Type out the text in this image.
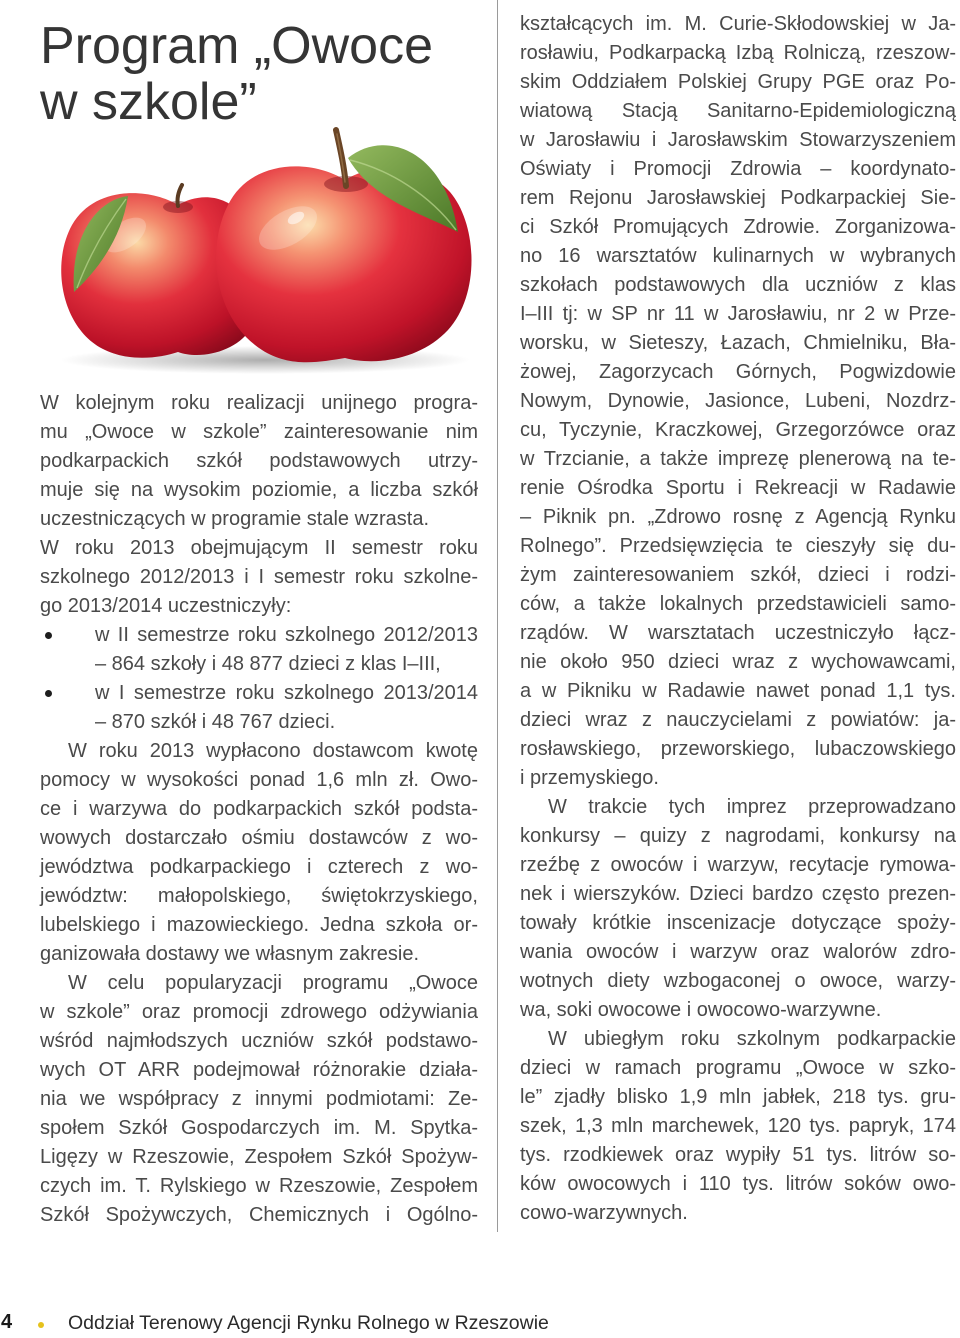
Program „Owoce
w szkole”
W kolejnym roku realizacji unijnego progra-
mu „Owoce w szkole” zainteresowanie nim
podkarpackich szkół podstawowych utrzy-
muje się na wysokim poziomie, a liczba szkół
uczestniczących w programie stale wzrasta.
W roku 2013 obejmującym II semestr roku
szkolnego 2012/2013 i I semestr roku szkolne-
go 2013/2014 uczestniczyły:
w II semestrze roku szkolnego 2012/2013
– 864 szkoły i 48 877 dzieci z klas I–III,
w I semestrze roku szkolnego 2013/2014
– 870 szkół i 48 767 dzieci.
W roku 2013 wypłacono dostawcom kwotę
pomocy w wysokości ponad 1,6 mln zł. Owo-
ce i warzywa do podkarpackich szkół podsta-
wowych dostarczało ośmiu dostawców z wo-
jewództwa podkarpackiego i czterech z wo-
jewództw: małopolskiego, świętokrzyskiego,
lubelskiego i mazowieckiego. Jedna szkoła or-
ganizowała dostawy we własnym zakresie.
W celu popularyzacji programu „Owoce
w szkole” oraz promocji zdrowego odżywiania
wśród najmłodszych uczniów szkół podstawo-
wych OT ARR podejmował różnorakie działa-
nia we współpracy z innymi podmiotami: Ze-
społem Szkół Gospodarczych im. M. Spytka-
Ligęzy w Rzeszowie, Zespołem Szkół Spożyw-
czych im. T. Rylskiego w Rzeszowie, Zespołem
Szkół Spożywczych, Chemicznych i Ogólno-
kształcących im. M. Curie-Skłodowskiej w Ja-
rosławiu, Podkarpacką Izbą Rolniczą, rzeszow-
skim Oddziałem Polskiej Grupy PGE oraz Po-
wiatową Stacją Sanitarno-Epidemiologiczną
w Jarosławiu i Jarosławskim Stowarzyszeniem
Oświaty i Promocji Zdrowia – koordynato-
rem Rejonu Jarosławskiej Podkarpackiej Sie-
ci Szkół Promujących Zdrowie. Zorganizowa-
no 16 warsztatów kulinarnych w wybranych
szkołach podstawowych dla uczniów z klas
I–III tj: w SP nr 11 w Jarosławiu, nr 2 w Prze-
worsku, w Sieteszy, Łazach, Chmielniku, Bła-
żowej, Zagorzycach Górnych, Pogwizdowie
Nowym, Dynowie, Jasionce, Lubeni, Nozdrz-
cu, Tyczynie, Kraczkowej, Grzegorzówce oraz
w Trzcianie, a także imprezę plenerową na te-
renie Ośrodka Sportu i Rekreacji w Radawie
– Piknik pn. „Zdrowo rosnę z Agencją Rynku
Rolnego”. Przedsięwzięcia te cieszyły się du-
żym zainteresowaniem szkół, dzieci i rodzi-
ców, a także lokalnych przedstawicieli samo-
rządów. W warsztatach uczestniczyło łącz-
nie około 950 dzieci wraz z wychowawcami,
a w Pikniku w Radawie nawet ponad 1,1 tys.
dzieci wraz z nauczycielami z powiatów: ja-
rosławskiego, przeworskiego, lubaczowskiego
i przemyskiego.
W trakcie tych imprez przeprowadzano
konkursy – quizy z nagrodami, konkursy na
rzeźbę z owoców i warzyw, recytacje rymowa-
nek i wierszyków. Dzieci bardzo często prezen-
towały krótkie inscenizacje dotyczące spoży-
wania owoców i warzyw oraz walorów zdro-
wotnych diety wzbogaconej o owoce, warzy-
wa, soki owocowe i owocowo-warzywne.
W ubiegłym roku szkolnym podkarpackie
dzieci w ramach programu „Owoce w szko-
le” zjadły blisko 1,9 mln jabłek, 218 tys. gru-
szek, 1,3 mln marchewek, 120 tys. papryk, 174
tys. rzodkiewek oraz wypiły 51 tys. litrów so-
ków owocowych i 110 tys. litrów soków owo-
cowo-warzywnych.
4	Oddział Terenowy Agencji Rynku Rolnego w Rzeszowie
